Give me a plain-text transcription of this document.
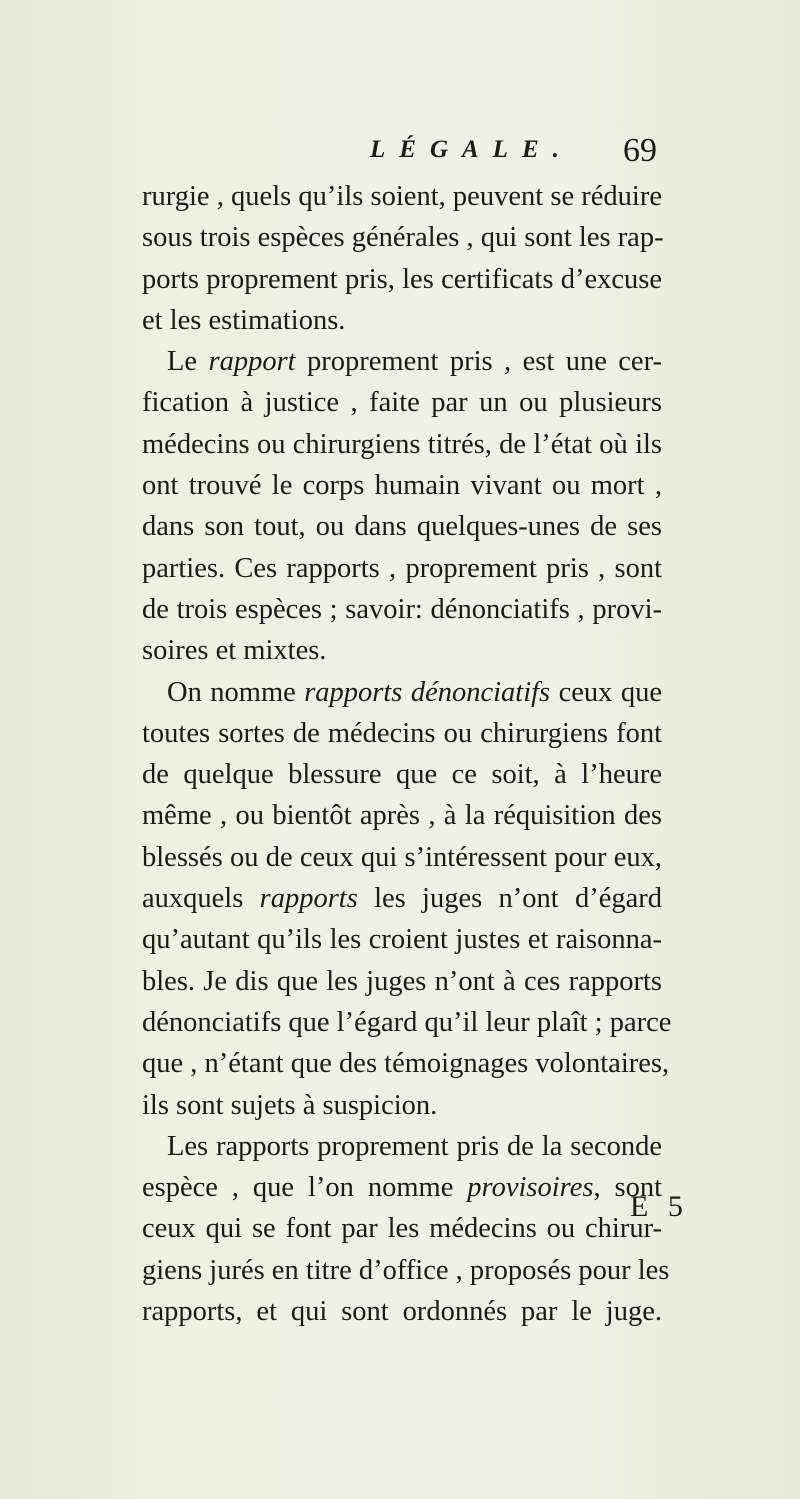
LÉGALE. 69
rurgie , quels qu’ils soient, peuvent se réduire
sous trois espèces générales , qui sont les rap-
ports proprement pris, les certificats d’excuse
et les estimations.
Le rapport proprement pris , est une cer-
fication à justice , faite par un ou plusieurs
médecins ou chirurgiens titrés, de l’état où ils
ont trouvé le corps humain vivant ou mort ,
dans son tout, ou dans quelques-unes de ses
parties. Ces rapports , proprement pris , sont
de trois espèces ; savoir: dénonciatifs , provi-
soires et mixtes.
On nomme rapports dénonciatifs ceux que
toutes sortes de médecins ou chirurgiens font
de quelque blessure que ce soit, à l’heure
même , ou bientôt après , à la réquisition des
blessés ou de ceux qui s’intéressent pour eux,
auxquels rapports les juges n’ont d’égard
qu’autant qu’ils les croient justes et raisonna-
bles. Je dis que les juges n’ont à ces rapports
dénonciatifs que l’égard qu’il leur plaît ; parce
que , n’étant que des témoignages volontaires,
ils sont sujets à suspicion.
Les rapports proprement pris de la seconde
espèce , que l’on nomme provisoires, sont
ceux qui se font par les médecins ou chirur-
giens jurés en titre d’office , proposés pour les
rapports, et qui sont ordonnés par le juge.
E 5
